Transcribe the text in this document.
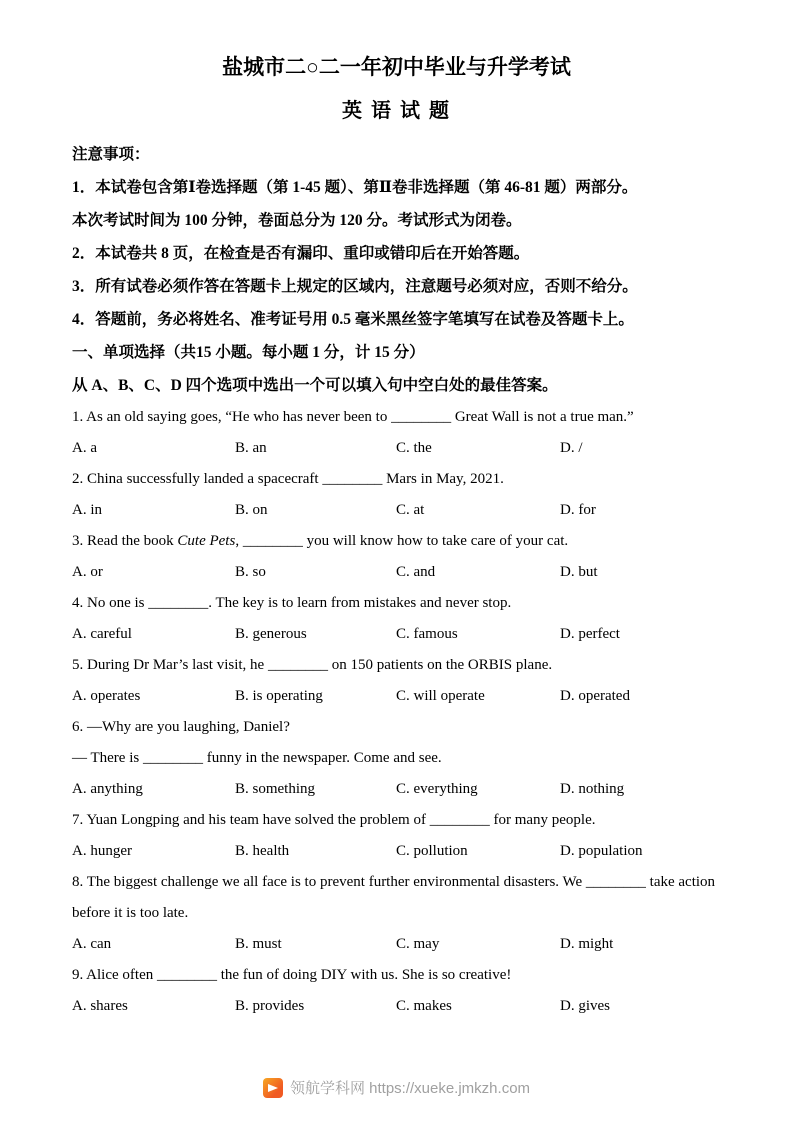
盐城市二○二一年初中毕业与升学考试
英 语 试 题

注意事项：

1．本试卷包含第Ⅰ卷选择题（第 1-45 题）、第Ⅱ卷非选择题（第 46-81 题）两部分。

本次考试时间为 100 分钟，卷面总分为 120 分。考试形式为闭卷。

2．本试卷共 8 页，在检查是否有漏印、重印或错印后在开始答题。

3．所有试卷必须作答在答题卡上规定的区域内，注意题号必须对应，否则不给分。

4．答题前，务必将姓名、准考证号用 0.5 毫米黑丝签字笔填写在试卷及答题卡上。

一、单项选择（共15 小题。每小题 1 分，计 15 分）

从 A、B、C、D 四个选项中选出一个可以填入句中空白处的最佳答案。

1. As an old saying goes, “He who has never been to ________ Great Wall is not a true man.”

A. a	B. an	C. the	D. /

2. China successfully landed a spacecraft ________ Mars in May, 2021.

A. in	B. on	C. at	D. for

3. Read the book Cute Pets, ________ you will know how to take care of your cat.

A. or	B. so	C. and	D. but

4. No one is ________. The key is to learn from mistakes and never stop.

A. careful	B. generous	C. famous	D. perfect

5. During Dr Mar’s last visit, he ________ on 150 patients on the ORBIS plane.

A. operates	B. is operating	C. will operate	D. operated

6. —Why are you laughing, Daniel?

— There is ________ funny in the newspaper. Come and see.

A. anything	B. something	C. everything	D. nothing

7. Yuan Longping and his team have solved the problem of ________ for many people.

A. hunger	B. health	C. pollution	D. population

8. The biggest challenge we all face is to prevent further environmental disasters. We ________ take action before it is too late.

A. can	B. must	C. may	D. might

9. Alice often ________ the fun of doing DIY with us. She is so creative!

A. shares	B. provides	C. makes	D. gives
领航学科网 https://xueke.jmkzh.com
